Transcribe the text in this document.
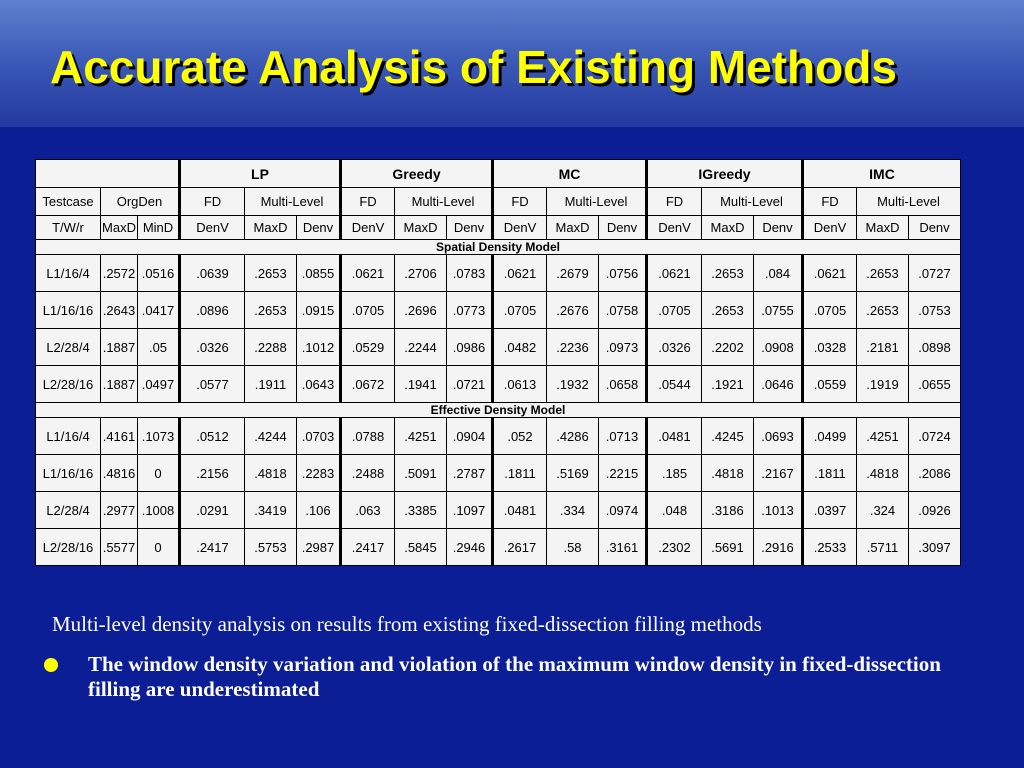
Accurate Analysis of Existing Methods
			LP			Greedy			MC			IGreedy			IMC		
Testcase	OrgDen		FD	Multi-Level		FD	Multi-Level		FD	Multi-Level		FD	Multi-Level		FD	Multi-Level	
T/W/r	MaxD	MinD	DenV	MaxD	Denv	DenV	MaxD	Denv	DenV	MaxD	Denv	DenV	MaxD	Denv	DenV	MaxD	Denv
Spatial Density Model																	
L1/16/4	.2572	.0516	.0639	.2653	.0855	.0621	.2706	.0783	.0621	.2679	.0756	.0621	.2653	.084	.0621	.2653	.0727
L1/16/16	.2643	.0417	.0896	.2653	.0915	.0705	.2696	.0773	.0705	.2676	.0758	.0705	.2653	.0755	.0705	.2653	.0753
L2/28/4	.1887	.05	.0326	.2288	.1012	.0529	.2244	.0986	.0482	.2236	.0973	.0326	.2202	.0908	.0328	.2181	.0898
L2/28/16	.1887	.0497	.0577	.1911	.0643	.0672	.1941	.0721	.0613	.1932	.0658	.0544	.1921	.0646	.0559	.1919	.0655
Effective Density Model																	
L1/16/4	.4161	.1073	.0512	.4244	.0703	.0788	.4251	.0904	.052	.4286	.0713	.0481	.4245	.0693	.0499	.4251	.0724
L1/16/16	.4816	0	.2156	.4818	.2283	.2488	.5091	.2787	.1811	.5169	.2215	.185	.4818	.2167	.1811	.4818	.2086
L2/28/4	.2977	.1008	.0291	.3419	.106	.063	.3385	.1097	.0481	.334	.0974	.048	.3186	.1013	.0397	.324	.0926
L2/28/16	.5577	0	.2417	.5753	.2987	.2417	.5845	.2946	.2617	.58	.3161	.2302	.5691	.2916	.2533	.5711	.3097

Multi-level density analysis on results from existing fixed-dissection filling methods

The window density variation and violation of the maximum window density in fixed-dissection filling are underestimated
